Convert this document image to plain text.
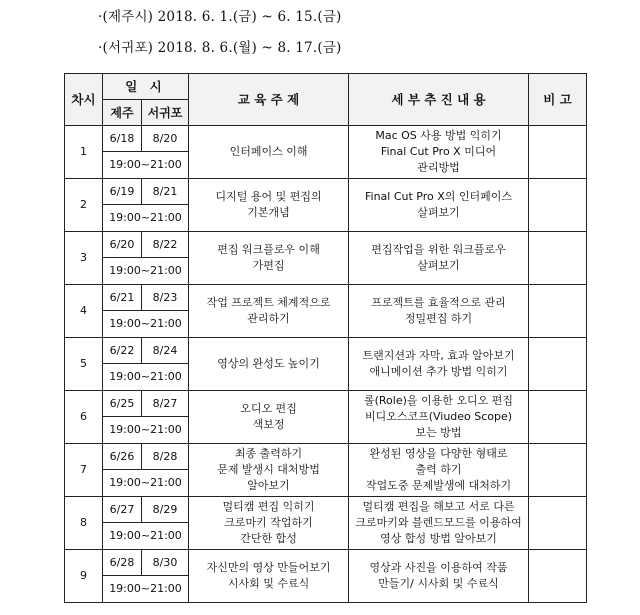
·(제주시) 2018. 6. 1.(금) ~ 6. 15.(금)
·(서귀포) 2018. 8. 6.(월) ~ 8. 17.(금)
차시	일 시		교 육 주 제	세 부 추 진 내 용	비 고
	제주	서귀포			
1	6/18	8/20	인터페이스 이해	Mac OS 사용 방법 익히기
Final Cut Pro X 미디어
관리방법	

	19:00~21:00				
2	6/19	8/21	디지털 용어 및 편집의
기본개념	Final Cut Pro X의 인터페이스
살펴보기	

	19:00~21:00				
3	6/20	8/22	편집 워크플로우 이해
가편집	편집작업을 위한 워크플로우
살펴보기	

	19:00~21:00				
4	6/21	8/23	작업 프로젝트 체계적으로
관리하기	프로젝트를 효율적으로 관리
정밀편집 하기	

	19:00~21:00				
5	6/22	8/24	영상의 완성도 높이기	트랜지션과 자막, 효과 알아보기
애니메이션 추가 방법 익히기	

	19:00~21:00				
6	6/25	8/27	오디오 편집
색보정	롤(Role)을 이용한 오디오 편집
비디오스코프(Viudeo Scope)
보는 방법	

	19:00~21:00				
7	6/26	8/28	최종 출력하기
문제 발생시 대처방법
알아보기	완성된 영상을 다양한 형태로
출력 하기
작업도중 문제발생에 대처하기	

	19:00~21:00				
8	6/27	8/29	멀티캠 편집 익히기
크로마키 작업하기
간단한 합성	멀티캠 편집을 해보고 서로 다른
크로마키와 블렌드모드를 이용하여
영상 합성 방법 알아보기	

	19:00~21:00				
9	6/28	8/30	자신만의 영상 만들어보기
시사회 및 수료식	영상과 사진을 이용하여 작품
만들기/ 시사회 및 수료식	

	19:00~21:00				
